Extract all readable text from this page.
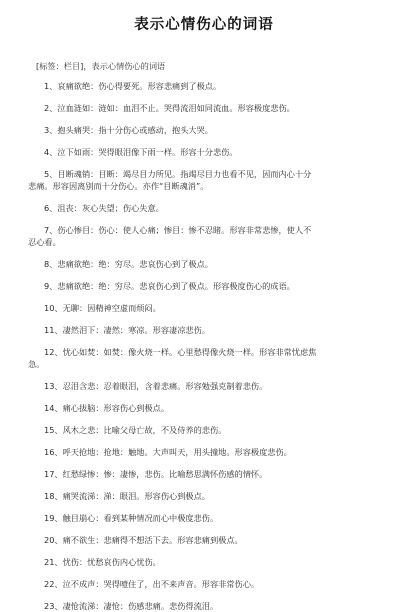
表示心情伤心的词语
[标签：栏目]，表示心情伤心的词语
1、哀痛欲绝：伤心得要死。形容悲痛到了极点。
2、泣血涟如：涟如：血泪不止。哭得流泪如同流血。形容极度悲伤。
3、抱头痛哭：指十分伤心或感动，抱头大哭。
4、泣下如雨：哭得眼泪像下雨一样。形容十分悲伤。
5、目断魂销：目断：竭尽目力所见。指竭尽目力也看不见，因而内心十分
悲痛。形容因离别而十分伤心。亦作“目断魂消”。
6、沮丧：灰心失望；伤心失意。
7、伤心惨目：伤心：使人心痛；惨目：惨不忍睹。形容非常悲惨，使人不
忍心看。
8、悲痛欲绝：绝：穷尽。悲哀伤心到了极点。
9、悲痛欲绝：绝：穷尽。悲哀伤心到了极点。形容极度伤心的成语。
10、无聊：因精神空虚而烦闷。
11、凄然泪下：凄然：寒凉。形容凄凉悲伤。
12、忧心如焚：如焚：像火烧一样。心里愁得像火烧一样。形容非常忧虑焦
急。
13、忍泪含悲：忍着眼泪，含着悲痛。形容勉强克制着悲伤。
14、痛心拔脑：形容伤心到极点。
15、风木之悲：比喻父母亡故，不及侍养的悲伤。
16、呼天抢地：抢地：触地。大声叫天，用头撞地。形容极度悲伤。
17、红愁绿惨：惨：凄惨，悲伤。比喻愁思满怀伤感的情怀。
18、痛哭流涕：涕：眼泪。形容伤心到极点。
19、触目崩心：看到某种情况而心中极度悲伤。
20、痛不欲生：悲痛得不想活下去。形容悲痛到极点。
21、忧伤：忧愁哀伤内心忧伤。
22、泣不成声：哭得噎住了，出不来声音。形容非常伤心。
23、凄怆流涕：凄怆：伤感悲痛。悲伤得流泪。
